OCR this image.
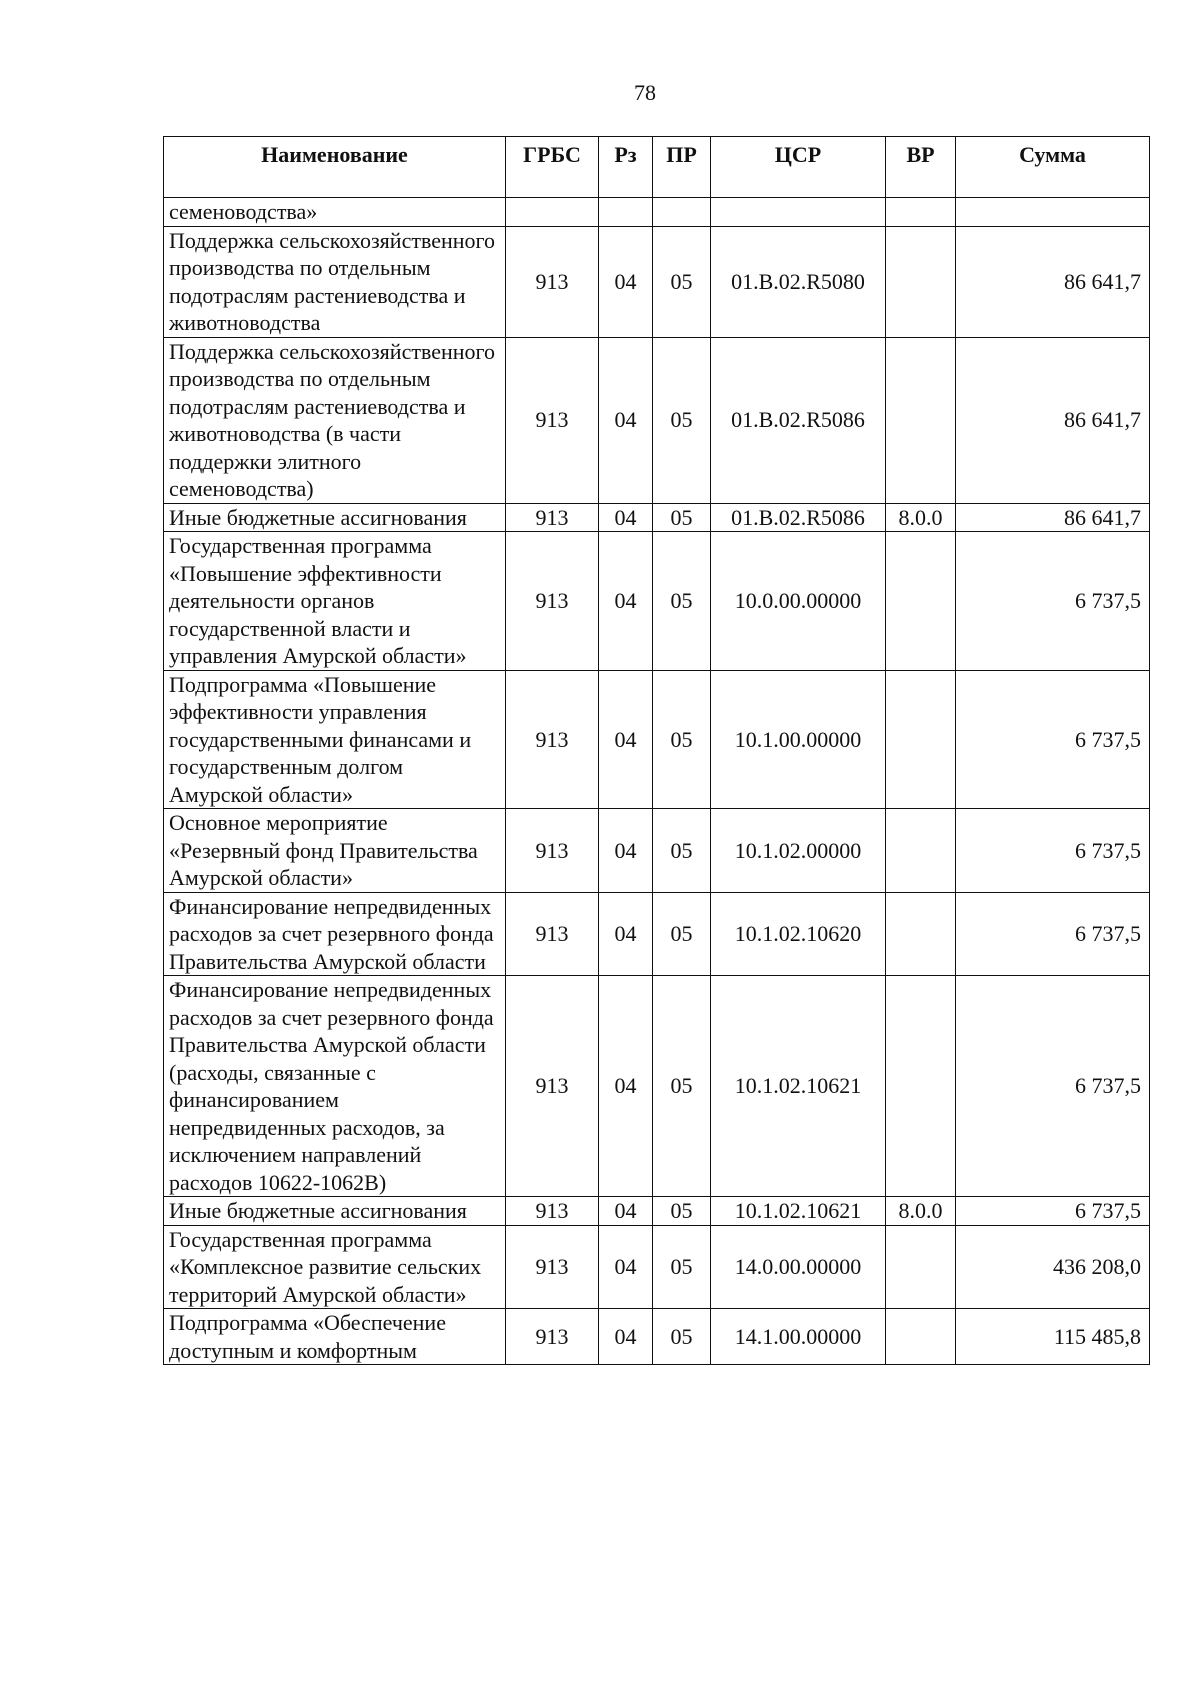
78
Наименование	ГРБС	Рз	ПР	ЦСР	ВР	Сумма
семеноводства»						
Поддержка сельскохозяйственного производства по отдельным подотраслям растениеводства и животноводства	913	04	05	01.В.02.R5080		86 641,7
Поддержка сельскохозяйственного производства по отдельным подотраслям растениеводства и животноводства (в части поддержки элитного семеноводства)	913	04	05	01.В.02.R5086		86 641,7
Иные бюджетные ассигнования	913	04	05	01.В.02.R5086	8.0.0	86 641,7
Государственная программа «Повышение эффективности деятельности органов государственной власти и управления Амурской области»	913	04	05	10.0.00.00000		6 737,5
Подпрограмма «Повышение эффективности управления государственными финансами и государственным долгом Амурской области»	913	04	05	10.1.00.00000		6 737,5
Основное мероприятие «Резервный фонд Правительства Амурской области»	913	04	05	10.1.02.00000		6 737,5
Финансирование непредвиденных расходов за счет резервного фонда Правительства Амурской области	913	04	05	10.1.02.10620		6 737,5
Финансирование непредвиденных расходов за счет резервного фонда Правительства Амурской области (расходы, связанные с финансированием непредвиденных расходов, за исключением направлений расходов 10622-1062В)	913	04	05	10.1.02.10621		6 737,5
Иные бюджетные ассигнования	913	04	05	10.1.02.10621	8.0.0	6 737,5
Государственная программа «Комплексное развитие сельских территорий Амурской области»	913	04	05	14.0.00.00000		436 208,0
Подпрограмма «Обеспечение доступным и комфортным	913	04	05	14.1.00.00000		115 485,8
